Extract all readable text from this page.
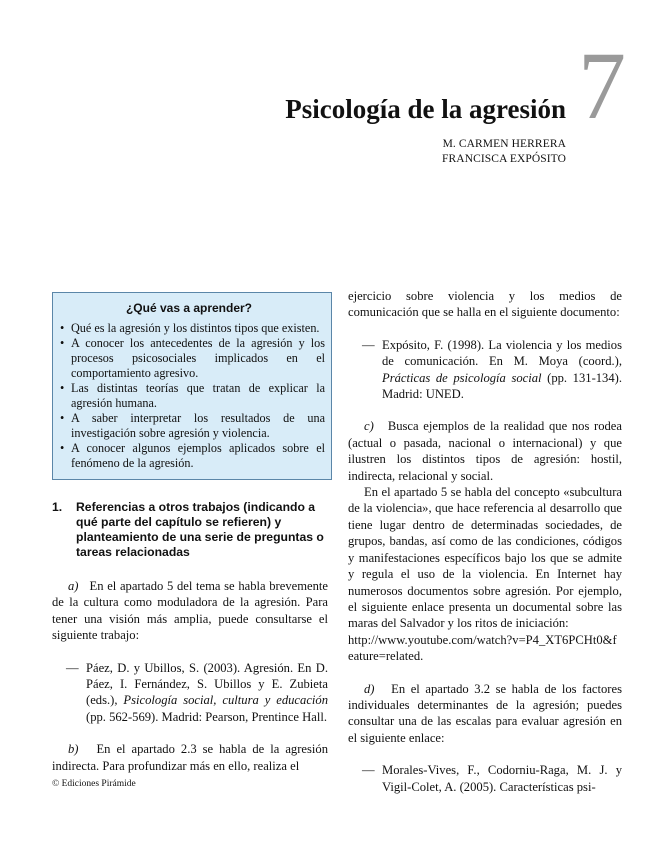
7
Psicología de la agresión
M. CARMEN HERRERA
FRANCISCA EXPÓSITO
¿Qué vas a aprender?
• Qué es la agresión y los distintos tipos que existen.
• A conocer los antecedentes de la agresión y los procesos psicosociales implicados en el comportamiento agresivo.
• Las distintas teorías que tratan de explicar la agresión humana.
• A saber interpretar los resultados de una investigación sobre agresión y violencia.
• A conocer algunos ejemplos aplicados sobre el fenómeno de la agresión.
1.	Referencias a otros trabajos (indicando a qué parte del capítulo se refieren) y planteamiento de una serie de preguntas o tareas relacionadas

a) En el apartado 5 del tema se habla brevemente de la cultura como moduladora de la agresión. Para tener una visión más amplia, puede consultarse el siguiente trabajo:

— Páez, D. y Ubillos, S. (2003). Agresión. En D. Páez, I. Fernández, S. Ubillos y E. Zubieta (eds.), Psicología social, cultura y educación (pp. 562-569). Madrid: Pearson, Prentince Hall.

b) En el apartado 2.3 se habla de la agresión indirecta. Para profundizar más en ello, realiza el

ejercicio sobre violencia y los medios de comunicación que se halla en el siguiente documento:

— Expósito, F. (1998). La violencia y los medios de comunicación. En M. Moya (coord.), Prácticas de psicología social (pp. 131-134). Madrid: UNED.

c) Busca ejemplos de la realidad que nos rodea (actual o pasada, nacional o internacional) y que ilustren los distintos tipos de agresión: hostil, indirecta, relacional y social.

En el apartado 5 se habla del concepto «subcultura de la violencia», que hace referencia al desarrollo que tiene lugar dentro de determinadas sociedades, de grupos, bandas, así como de las condiciones, códigos y manifestaciones específicos bajo los que se admite y regula el uso de la violencia. En Internet hay numerosos documentos sobre agresión. Por ejemplo, el siguiente enlace presenta un documental sobre las maras del Salvador y los ritos de iniciación:

http://www.youtube.com/watch?v=P4_XT6PCHt0&feature=related.

d) En el apartado 3.2 se habla de los factores individuales determinantes de la agresión; puedes consultar una de las escalas para evaluar agresión en el siguiente enlace:

— Morales-Vives, F., Codorniu-Raga, M. J. y Vigil-Colet, A. (2005). Características psi-

© Ediciones Pirámide
